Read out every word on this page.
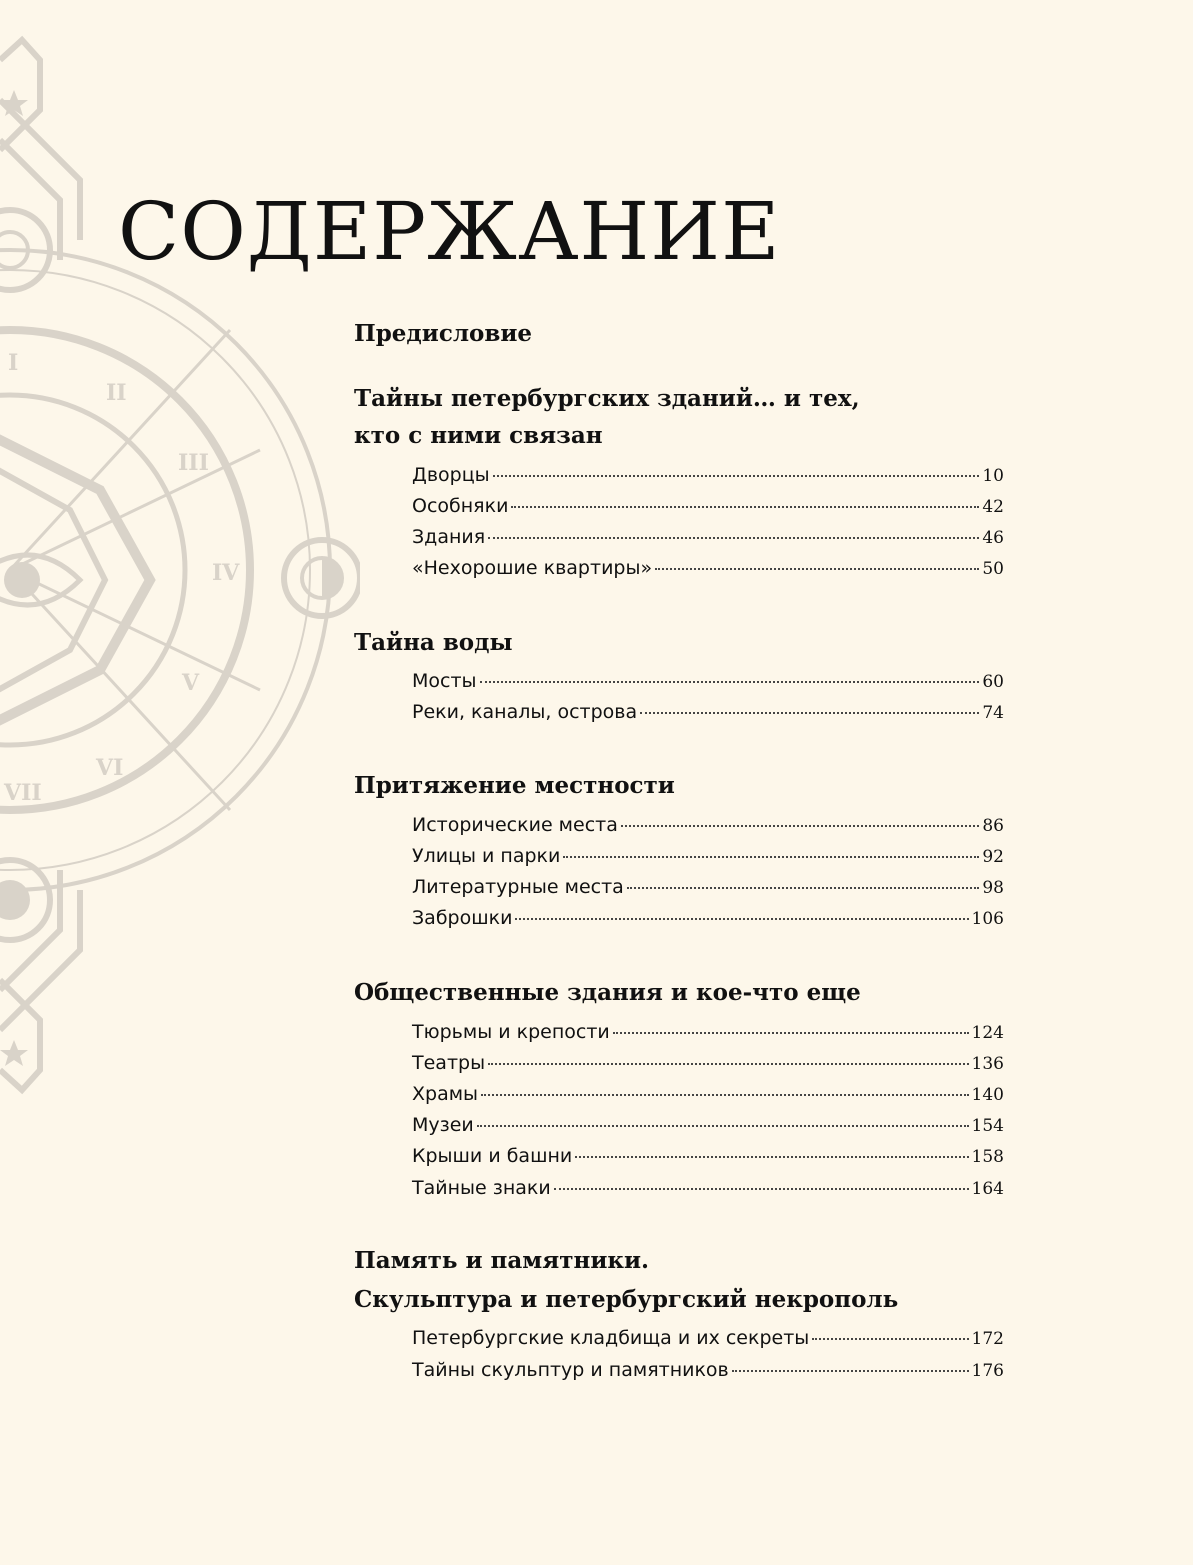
I
II
III
IV
V
VI
VII
СОДЕРЖАНИЕ
Предисловие
Тайны петербургских зданий… и тех,
кто с ними связан
Дворцы	10
Особняки	42
Здания	46
«Нехорошие квартиры»	50
Тайна воды
Мосты	60
Реки, каналы, острова	74
Притяжение местности
Исторические места	86
Улицы и парки	92
Литературные места	98
Заброшки	106
Общественные здания и кое-что еще
Тюрьмы и крепости	124
Театры	136
Храмы	140
Музеи	154
Крыши и башни	158
Тайные знаки	164
Память и памятники.
Скульптура и петербургский некрополь
Петербургские кладбища и их секреты	172
Тайны скульптур и памятников	176
